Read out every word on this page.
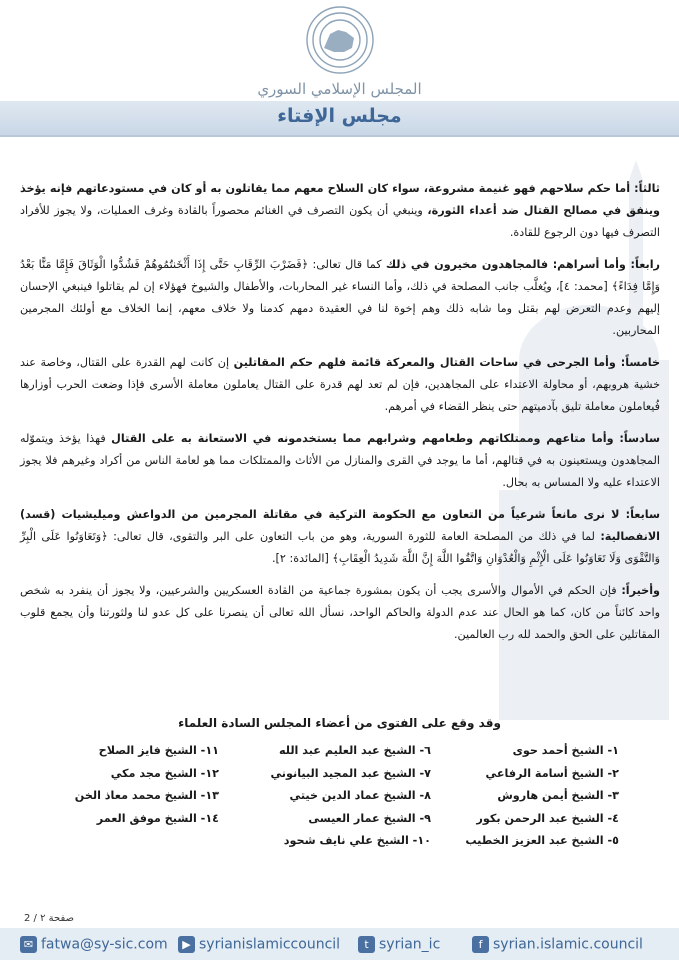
المجلس الإسلامي السوري
مجلس الإفتاء

ثالثاً: أما حكم سلاحهم فهو غنيمة مشروعة، سواء كان السلاح معهم مما يقاتلون به أو كان في مستودعاتهم فإنه يؤخذ وينفق في مصالح القتال ضد أعداء الثورة، وينبغي أن يكون التصرف في الغنائم محصوراً بالقادة وغرف العمليات، ولا يجوز للأفراد التصرف فيها دون الرجوع للقادة.

رابعاً: وأما أسراهم: فالمجاهدون مخيرون في ذلك كما قال تعالى: ﴿فَضَرْبَ الرِّقَابِ حَتَّى إِذَا أَثْخَنتُمُوهُمْ فَشُدُّوا الْوَثَاقَ فَإِمَّا مَنًّا بَعْدُ وَإِمَّا فِدَاءً﴾ [محمد: ٤]، ويُغلَّب جانب المصلحة في ذلك، وأما النساء غير المحاربات، والأطفال والشيوخ فهؤلاء إن لم يقاتلوا فينبغي الإحسان إليهم وعدم التعرض لهم بقتل وما شابه ذلك وهم إخوة لنا في العقيدة دمهم كدمنا ولا خلاف معهم، إنما الخلاف مع أولئك المجرمين المحاربين.

خامساً: وأما الجرحى في ساحات القتال والمعركة قائمة فلهم حكم المقاتلين إن كانت لهم القدرة على القتال، وخاصة عند خشية هروبهم، أو محاولة الاعتداء على المجاهدين، فإن لم تعد لهم قدرة على القتال يعاملون معاملة الأسرى فإذا وضعت الحرب أوزارها فُيعاملون معاملة تليق بآدميتهم حتى ينظر القضاء في أمرهم.

سادساً: وأما متاعهم وممتلكاتهم وطعامهم وشرابهم مما يستخدمونه في الاستعانة به على القتال فهذا يؤخذ ويتموّله المجاهدون ويستعينون به في قتالهم، أما ما يوجد في القرى والمنازل من الأثاث والممتلكات مما هو لعامة الناس من أكراد وغيرهم فلا يجوز الاعتداء عليه ولا المساس به بحال.

سابعاً: لا نرى مانعاً شرعياً من التعاون مع الحكومة التركية في مقاتلة المجرمين من الدواعش وميليشيات (قسد) الانفصالية: لما في ذلك من المصلحة العامة للثورة السورية، وهو من باب التعاون على البر والتقوى، قال تعالى: ﴿وَتَعَاوَنُوا عَلَى الْبِرِّ وَالتَّقْوَى وَلَا تَعَاوَنُوا عَلَى الْإِثْمِ وَالْعُدْوَانِ وَاتَّقُوا اللَّهَ إِنَّ اللَّهَ شَدِيدُ الْعِقَابِ﴾ [المائدة: ٢].

وأخيراً: فإن الحكم في الأموال والأسرى يجب أن يكون بمشورة جماعية من القادة العسكريين والشرعيين، ولا يجوز أن ينفرد به شخص واحد كائناً من كان، كما هو الحال عند عدم الدولة والحاكم الواحد، نسأل الله تعالى أن ينصرنا على كل عدو لنا ولثورتنا وأن يجمع قلوب المقاتلين على الحق والحمد لله رب العالمين.

وقد وقع على الفتوى من أعضاء المجلس السادة العلماء
١- الشيخ أحمد حوى
٢- الشيخ أسامة الرفاعي
٣- الشيخ أيمن هاروش
٤- الشيخ عبد الرحمن بكور
٥- الشيخ عبد العزيز الخطيب
٦- الشيخ عبد العليم عبد الله
٧- الشيخ عبد المجيد البيانوني
٨- الشيخ عماد الدين خيتي
٩- الشيخ عمار العيسى
١٠- الشيخ علي نايف شحود
١١- الشيخ فايز الصلاح
١٢- الشيخ مجد مكي
١٣- الشيخ محمد معاذ الخن
١٤- الشيخ موفق العمر
صفحة ٢ / 2
✉ fatwa@sy-sic.com	▶ syrianislamiccouncil	t syrian_ic	f syrian.islamic.council
